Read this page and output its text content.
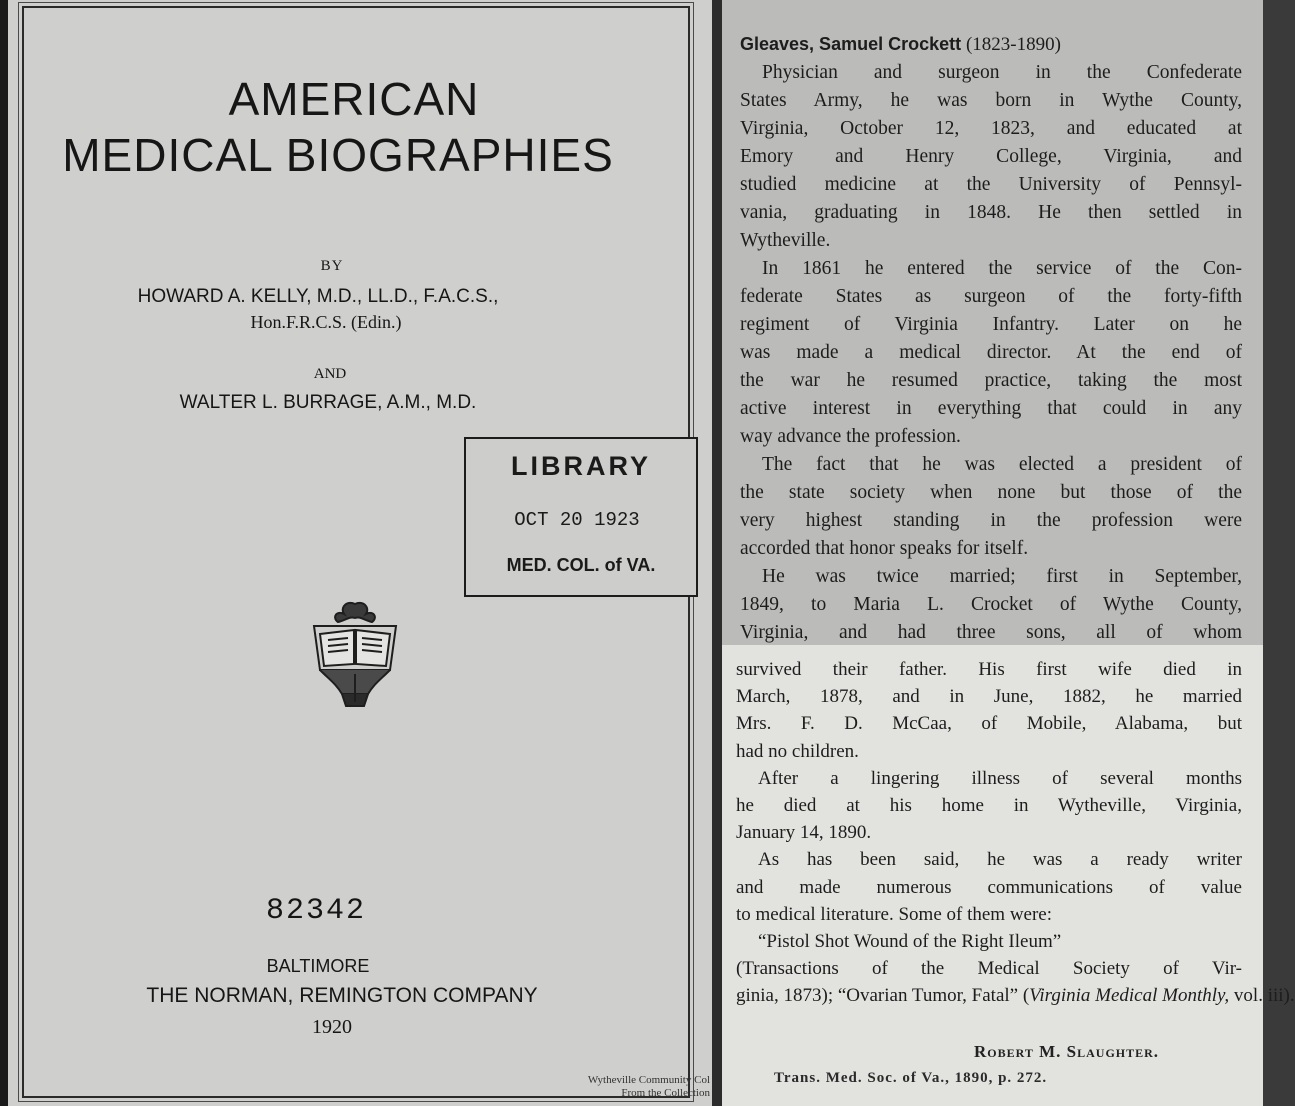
AMERICAN
MEDICAL BIOGRAPHIES
BY
HOWARD A. KELLY, M.D., LL.D., F.A.C.S.,
Hon.F.R.C.S. (Edin.)
AND
WALTER L. BURRAGE, A.M., M.D.
LIBRARY
OCT 20 1923
MED. COL. of VA.
82342
BALTIMORE
THE NORMAN, REMINGTON COMPANY
1920
Wytheville Community Col
From the Collection
Gleaves, Samuel Crockett (1823-1890)
Physician and surgeon in the Confederate
States Army, he was born in Wythe County,
Virginia, October 12, 1823, and educated at
Emory and Henry College, Virginia, and
studied medicine at the University of Pennsyl-
vania, graduating in 1848. He then settled in
Wytheville.
In 1861 he entered the service of the Con-
federate States as surgeon of the forty-fifth
regiment of Virginia Infantry. Later on he
was made a medical director. At the end of
the war he resumed practice, taking the most
active interest in everything that could in any
way advance the profession.
The fact that he was elected a president of
the state society when none but those of the
very highest standing in the profession were
accorded that honor speaks for itself.
He was twice married; first in September,
1849, to Maria L. Crocket of Wythe County,
Virginia, and had three sons, all of whom
survived their father. His first wife died in
March, 1878, and in June, 1882, he married
Mrs. F. D. McCaa, of Mobile, Alabama, but
had no children.
After a lingering illness of several months
he died at his home in Wytheville, Virginia,
January 14, 1890.
As has been said, he was a ready writer
and made numerous communications of value
to medical literature. Some of them were:
“Pistol Shot Wound of the Right Ileum”
(Transactions of the Medical Society of Vir-
ginia, 1873); “Ovarian Tumor, Fatal” (Virginia Medical Monthly, vol. iii).
Robert M. Slaughter.
Trans. Med. Soc. of Va., 1890, p. 272.
